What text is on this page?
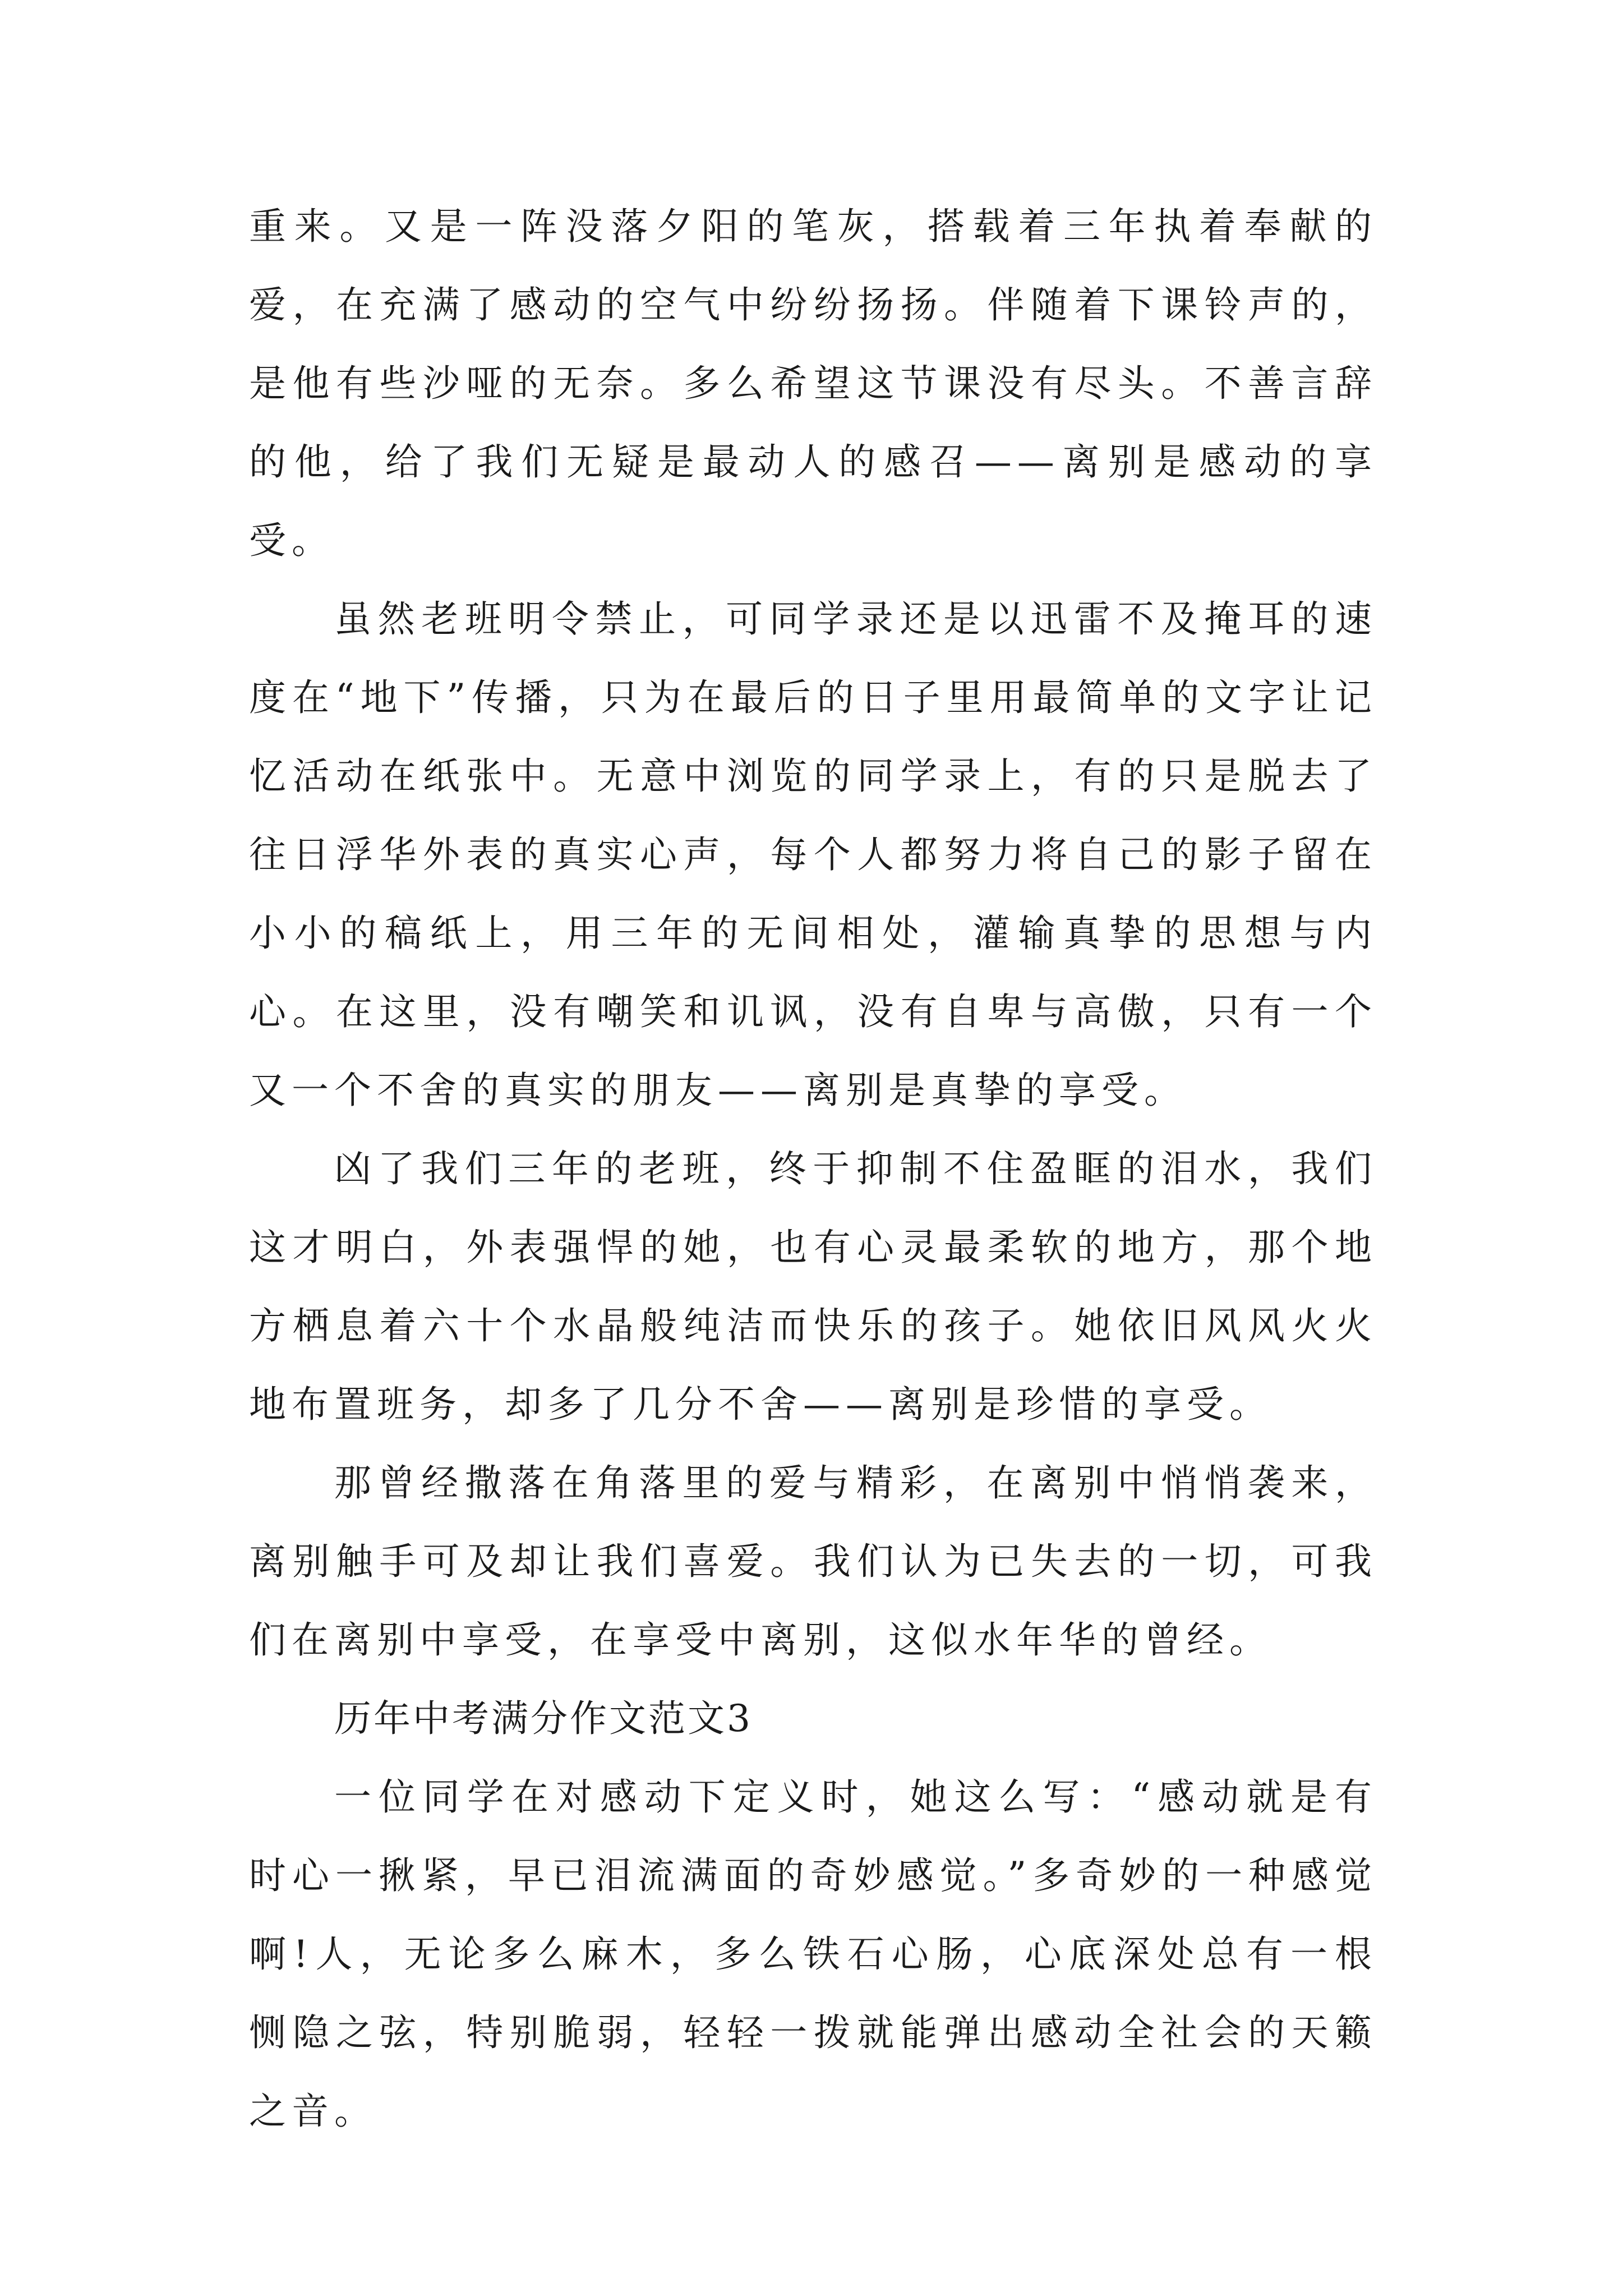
重来。又是一阵没落夕阳的笔灰，搭载着三年执着奉献的爱，在充满了感动的空气中纷纷扬扬。伴随着下课铃声的，是他有些沙哑的无奈。多么希望这节课没有尽头。不善言辞的他，给了我们无疑是最动人的感召——离别是感动的享受。

虽然老班明令禁止，可同学录还是以迅雷不及掩耳的速度在“地下”传播，只为在最后的日子里用最简单的文字让记忆活动在纸张中。无意中浏览的同学录上，有的只是脱去了往日浮华外表的真实心声，每个人都努力将自己的影子留在小小的稿纸上，用三年的无间相处，灌输真挚的思想与内心。在这里，没有嘲笑和讥讽，没有自卑与高傲，只有一个又一个不舍的真实的朋友——离别是真挚的享受。

凶了我们三年的老班，终于抑制不住盈眶的泪水，我们这才明白，外表强悍的她，也有心灵最柔软的地方，那个地方栖息着六十个水晶般纯洁而快乐的孩子。她依旧风风火火地布置班务，却多了几分不舍——离别是珍惜的享受。

那曾经撒落在角落里的爱与精彩，在离别中悄悄袭来，离别触手可及却让我们喜爱。我们认为已失去的一切，可我们在离别中享受，在享受中离别，这似水年华的曾经。

历年中考满分作文范文3

一位同学在对感动下定义时，她这么写：“感动就是有时心一揪紧，早已泪流满面的奇妙感觉。”多奇妙的一种感觉啊!人，无论多么麻木，多么铁石心肠，心底深处总有一根恻隐之弦，特别脆弱，轻轻一拨就能弹出感动全社会的天籁之音。
